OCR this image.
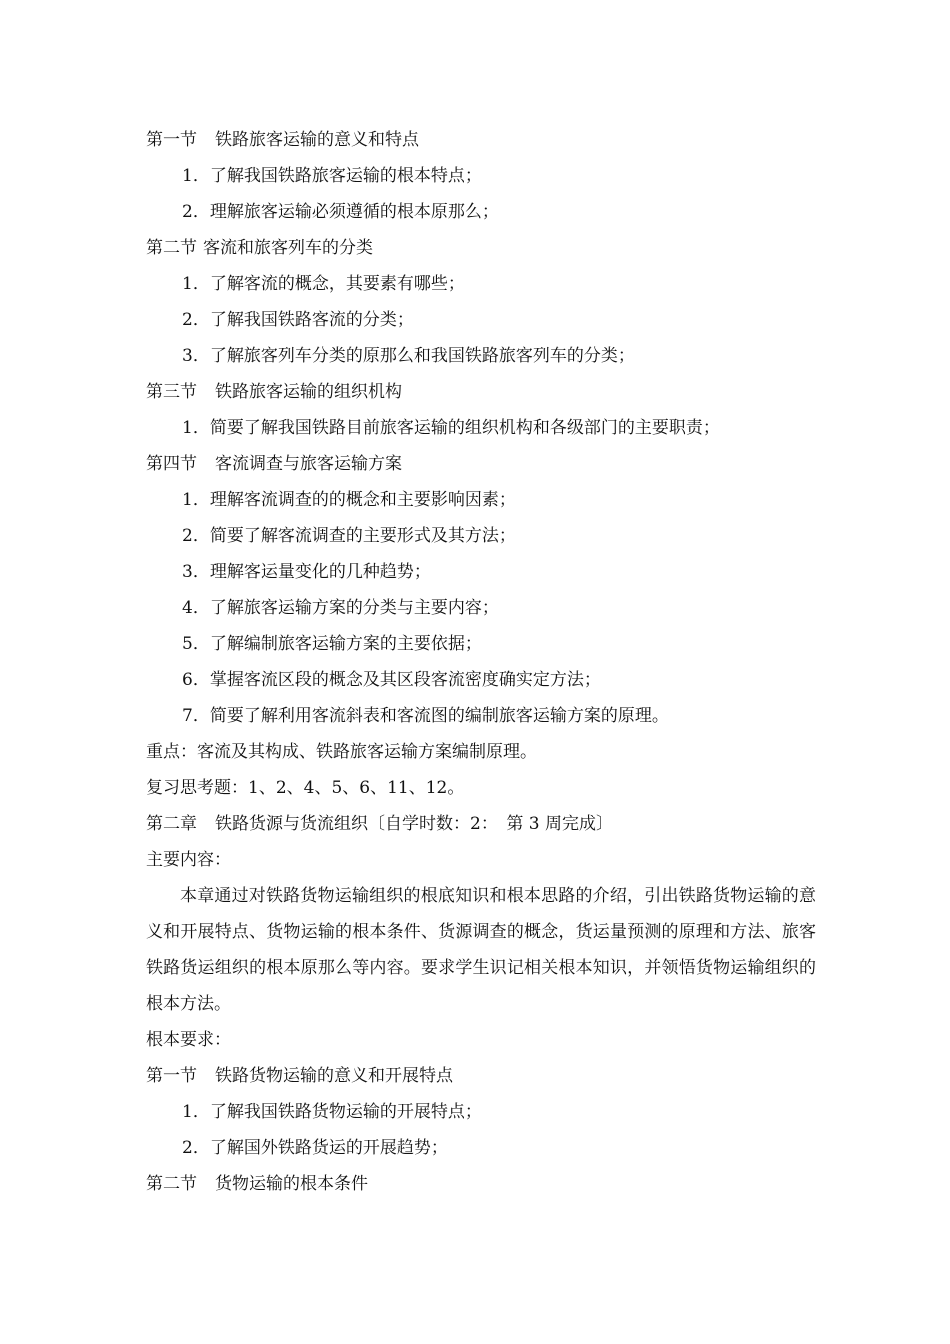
第一节 铁路旅客运输的意义和特点
1．了解我国铁路旅客运输的根本特点；
2．理解旅客运输必须遵循的根本原那么；
第二节 客流和旅客列车的分类
1．了解客流的概念，其要素有哪些；
2．了解我国铁路客流的分类；
3．了解旅客列车分类的原那么和我国铁路旅客列车的分类；
第三节 铁路旅客运输的组织机构
1．简要了解我国铁路目前旅客运输的组织机构和各级部门的主要职责；
第四节 客流调查与旅客运输方案
1．理解客流调查的的概念和主要影响因素；
2．简要了解客流调查的主要形式及其方法；
3．理解客运量变化的几种趋势；
4．了解旅客运输方案的分类与主要内容；
5．了解编制旅客运输方案的主要依据；
6．掌握客流区段的概念及其区段客流密度确实定方法；
7．简要了解利用客流斜表和客流图的编制旅客运输方案的原理。
重点：客流及其构成、铁路旅客运输方案编制原理。
复习思考题：1、2、4、5、6、11、12。
第二章 铁路货源与货流组织〔自学时数：2：　第 3 周完成〕
主要内容：
本章通过对铁路货物运输组织的根底知识和根本思路的介绍，引出铁路货物运输的意义和开展特点、货物运输的根本条件、货源调查的概念，货运量预测的原理和方法、旅客铁路货运组织的根本原那么等内容。要求学生识记相关根本知识，并领悟货物运输组织的根本方法。
根本要求：
第一节 铁路货物运输的意义和开展特点
1．了解我国铁路货物运输的开展特点；
2．了解国外铁路货运的开展趋势；
第二节 货物运输的根本条件
